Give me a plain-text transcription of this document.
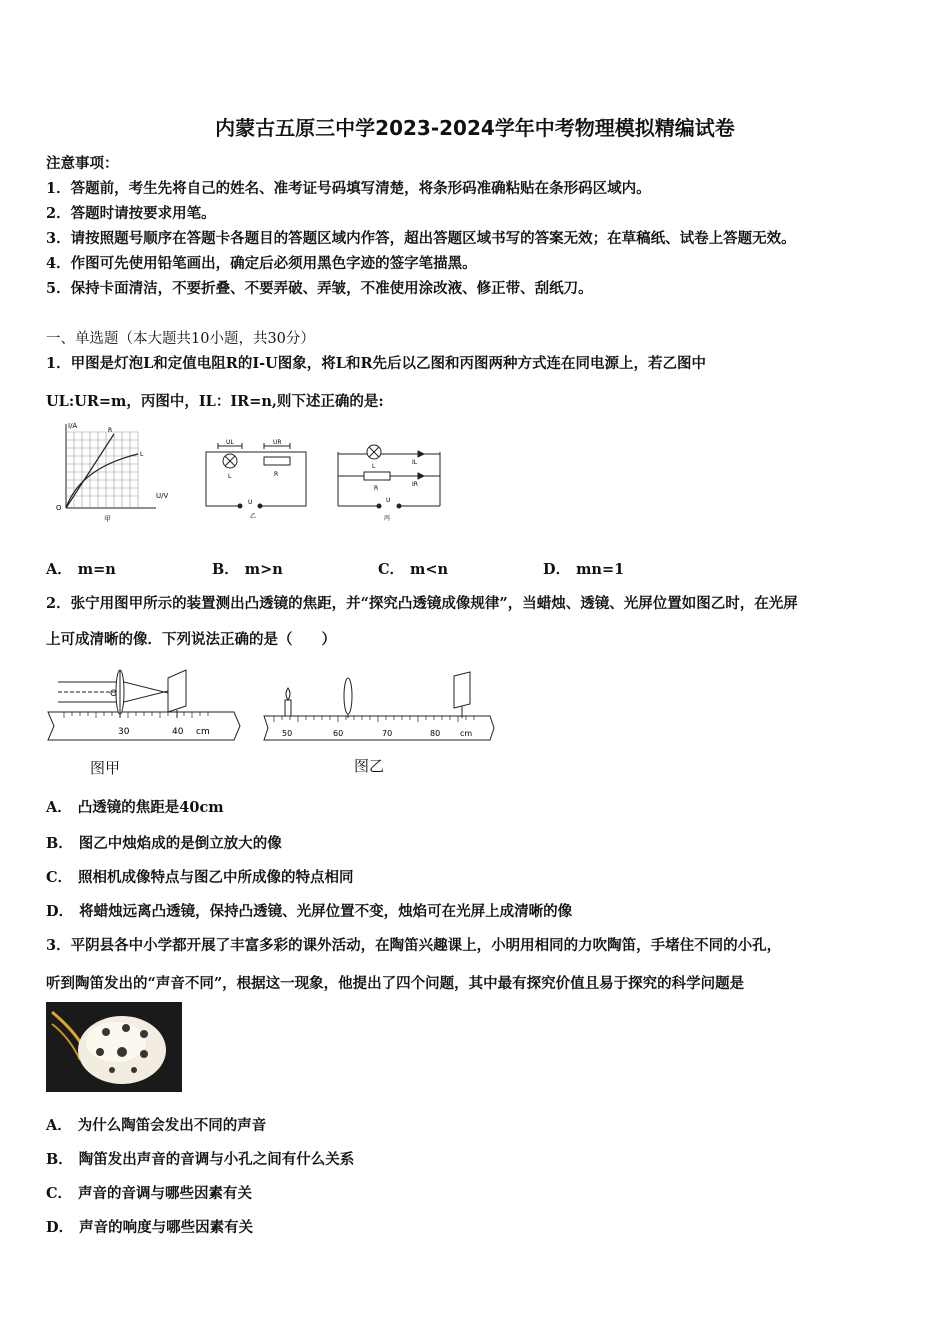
内蒙古五原三中学2023-2024学年中考物理模拟精编试卷
注意事项：
1．答题前，考生先将自己的姓名、准考证号码填写清楚，将条形码准确粘贴在条形码区域内。
2．答题时请按要求用笔。
3．请按照题号顺序在答题卡各题目的答题区域内作答，超出答题区域书写的答案无效；在草稿纸、试卷上答题无效。
4．作图可先使用铅笔画出，确定后必须用黑色字迹的签字笔描黑。
5．保持卡面清洁，不要折叠、不要弄破、弄皱，不准使用涂改液、修正带、刮纸刀。
一、单选题（本大题共10小题，共30分）
1．甲图是灯泡L和定值电阻R的I-U图象，将L和R先后以乙图和丙图两种方式连在同电源上，若乙图中
UL:UR=m，丙图中，IL：IR=n,则下述正确的是:
I/A
U/V
O
R
L
甲
UL	UR
L	R
U
乙
L
R
IL
IR
U
丙
A． m=n	B． m>n	C． m<n	D． mn=1
2．张宁用图甲所示的装置测出凸透镜的焦距，并“探究凸透镜成像规律”，当蜡烛、透镜、光屏位置如图乙时，在光屏
上可成清晰的像．下列说法正确的是（　　）
O
30	40 cm	50	60	70	80 cm
图甲	图乙
A． 凸透镜的焦距是40cm
B． 图乙中烛焰成的是倒立放大的像
C． 照相机成像特点与图乙中所成像的特点相同
D． 将蜡烛远离凸透镜，保持凸透镜、光屏位置不变，烛焰可在光屏上成清晰的像
3．平阴县各中小学都开展了丰富多彩的课外活动，在陶笛兴趣课上，小明用相同的力吹陶笛，手堵住不同的小孔，
听到陶笛发出的“声音不同”，根据这一现象，他提出了四个问题，其中最有探究价值且易于探究的科学问题是
A． 为什么陶笛会发出不同的声音
B． 陶笛发出声音的音调与小孔之间有什么关系
C． 声音的音调与哪些因素有关
D． 声音的响度与哪些因素有关
